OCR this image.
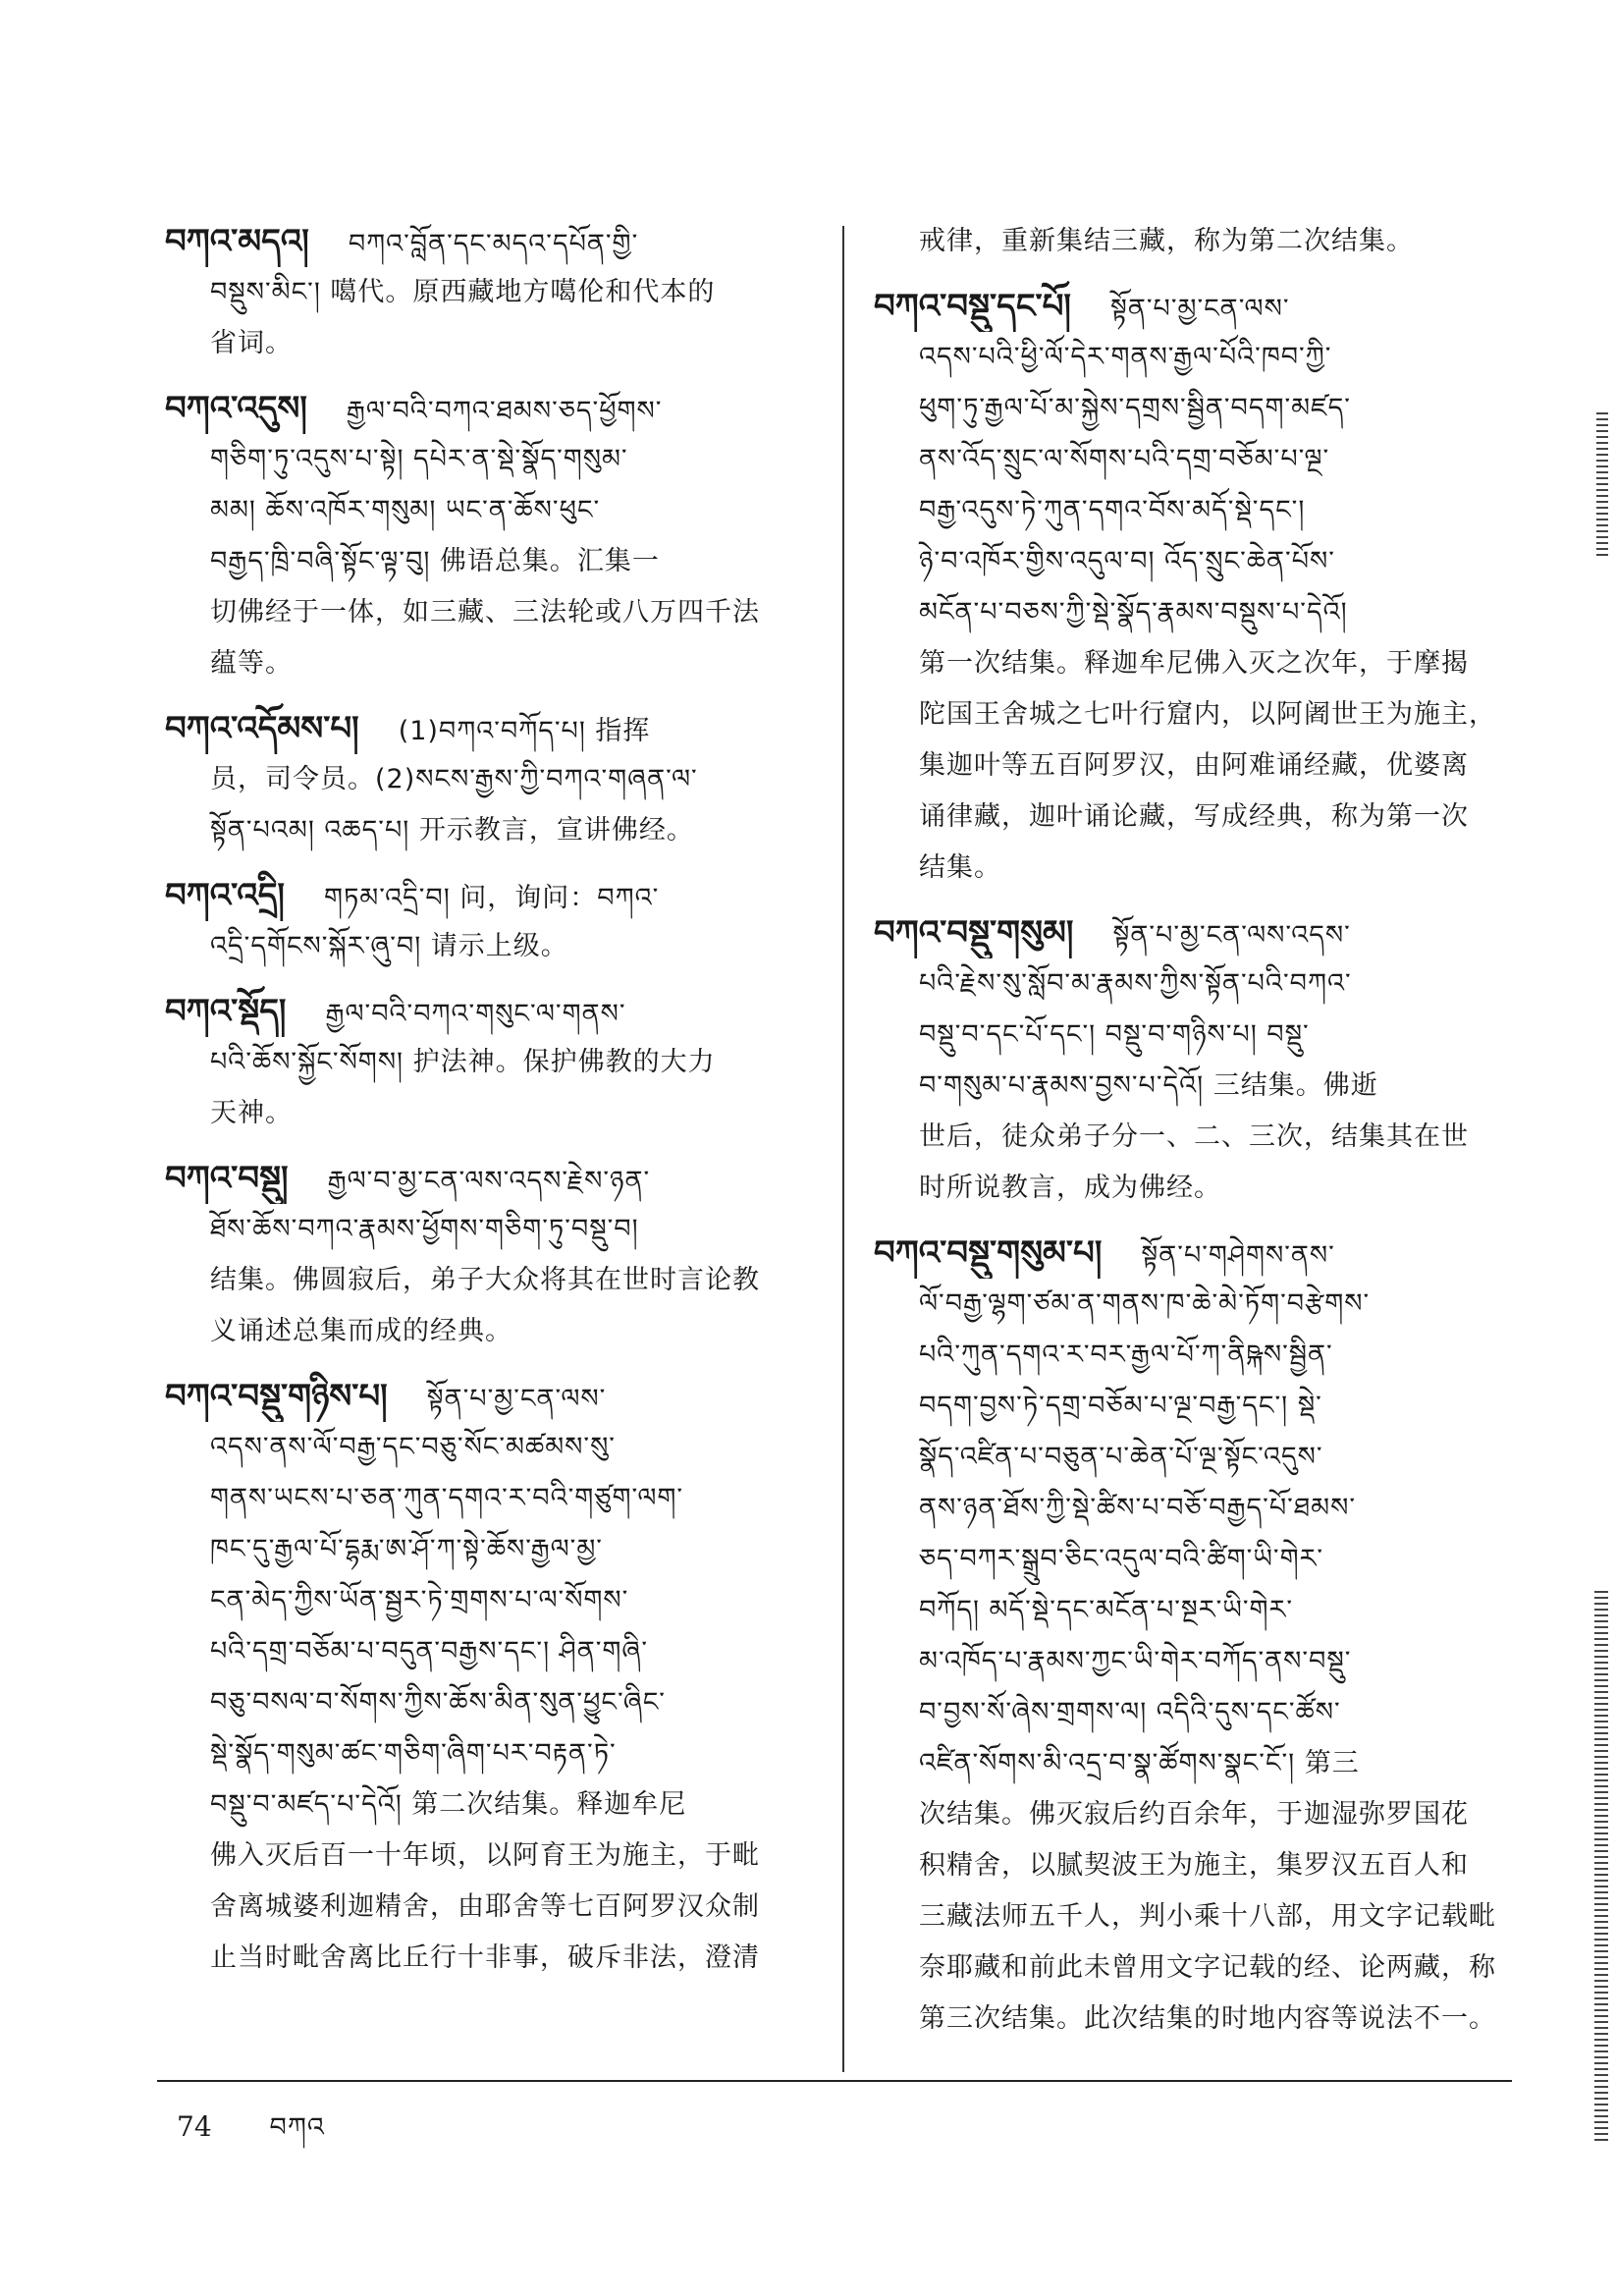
བཀའ་མདའ། བཀའ་བློན་དང་མདའ་དཔོན་གྱི་
བསྡུས་མིང་། 噶代。原西藏地方噶伦和代本的
省词。
བཀའ་འདུས། རྒྱལ་བའི་བཀའ་ཐམས་ཅད་ཕྱོགས་
གཅིག་ཏུ་འདུས་པ་སྟེ། དཔེར་ན་སྡེ་སྣོད་གསུམ་
མམ། ཆོས་འཁོར་གསུམ། ཡང་ན་ཆོས་ཕུང་
བརྒྱད་ཁྲི་བཞི་སྟོང་ལྟ་བུ། 佛语总集。汇集一
切佛经于一体，如三藏、三法轮或八万四千法
蕴等。
བཀའ་འདོམས་པ། (1)བཀའ་བཀོད་པ། 指挥
员，司令员。(2)སངས་རྒྱས་ཀྱི་བཀའ་གཞན་ལ་
སྟོན་པའམ། འཆད་པ། 开示教言，宣讲佛经。
བཀའ་འདྲི། གཏམ་འདྲི་བ། 问，询问：བཀའ་
འདྲི་དགོངས་སྐོར་ཞུ་བ། 请示上级。
བཀའ་སྡོད། རྒྱལ་བའི་བཀའ་གསུང་ལ་གནས་
པའི་ཆོས་སྐྱོང་སོགས། 护法神。保护佛教的大力
天神。
བཀའ་བསྡུ། རྒྱལ་བ་མྱ་ངན་ལས་འདས་རྗེས་ཉན་
ཐོས་ཆོས་བཀའ་རྣམས་ཕྱོགས་གཅིག་ཏུ་བསྡུ་བ།
结集。佛圆寂后，弟子大众将其在世时言论教
义诵述总集而成的经典。
བཀའ་བསྡུ་གཉིས་པ། སྟོན་པ་མྱ་ངན་ལས་
འདས་ནས་ལོ་བརྒྱ་དང་བཅུ་སོང་མཚམས་སུ་
གནས་ཡངས་པ་ཅན་ཀུན་དགའ་ར་བའི་གཙུག་ལག་
ཁང་དུ་རྒྱལ་པོ་དྷརྨ་ཨ་ཤོ་ཀ་སྟེ་ཆོས་རྒྱལ་མྱ་
ངན་མེད་ཀྱིས་ཡོན་སྦྱར་ཏེ་གྲགས་པ་ལ་སོགས་
པའི་དགྲ་བཅོམ་པ་བདུན་བརྒྱས་དང་། ཤིན་གཞི་
བཅུ་བསལ་བ་སོགས་ཀྱིས་ཆོས་མིན་སུན་ཕྱུང་ཞིང་
སྡེ་སྣོད་གསུམ་ཚང་གཅིག་ཞིག་པར་བརྟན་ཏེ་
བསྡུ་བ་མཛད་པ་དེའོ། 第二次结集。释迦牟尼
佛入灭后百一十年顷，以阿育王为施主，于毗
舍离城婆利迦精舍，由耶舍等七百阿罗汉众制
止当时毗舍离比丘行十非事，破斥非法，澄清
戒律，重新集结三藏，称为第二次结集。
བཀའ་བསྡུ་དང་པོ། སྟོན་པ་མྱ་ངན་ལས་
འདས་པའི་ཕྱི་ལོ་དེར་གནས་རྒྱལ་པོའི་ཁབ་ཀྱི་
ཕུག་ཏུ་རྒྱལ་པོ་མ་སྐྱེས་དགྲས་སྦྱིན་བདག་མཛད་
ནས་འོད་སྲུང་ལ་སོགས་པའི་དགྲ་བཅོམ་པ་ལྔ་
བརྒྱ་འདུས་ཏེ་ཀུན་དགའ་བོས་མདོ་སྡེ་དང་།
ཉེ་བ་འཁོར་གྱིས་འདུལ་བ། འོད་སྲུང་ཆེན་པོས་
མངོན་པ་བཅས་ཀྱི་སྡེ་སྣོད་རྣམས་བསྡུས་པ་དེའོ།
第一次结集。释迦牟尼佛入灭之次年，于摩揭
陀国王舍城之七叶行窟内，以阿阇世王为施主，
集迦叶等五百阿罗汉，由阿难诵经藏，优婆离
诵律藏，迦叶诵论藏，写成经典，称为第一次
结集。
བཀའ་བསྡུ་གསུམ། སྟོན་པ་མྱ་ངན་ལས་འདས་
པའི་རྗེས་སུ་སློབ་མ་རྣམས་ཀྱིས་སྟོན་པའི་བཀའ་
བསྡུ་བ་དང་པོ་དང་། བསྡུ་བ་གཉིས་པ། བསྡུ་
བ་གསུམ་པ་རྣམས་བྱས་པ་དེའོ། 三结集。佛逝
世后，徒众弟子分一、二、三次，结集其在世
时所说教言，成为佛经。
བཀའ་བསྡུ་གསུམ་པ། སྟོན་པ་གཤེགས་ནས་
ལོ་བརྒྱ་ལྷག་ཙམ་ན་གནས་ཁ་ཆེ་མེ་ཏོག་བརྩེགས་
པའི་ཀུན་དགའ་ར་བར་རྒྱལ་པོ་ཀ་ནིཥྐས་སྦྱིན་
བདག་བྱས་ཏེ་དགྲ་བཅོམ་པ་ལྔ་བརྒྱ་དང་། སྡེ་
སྣོད་འཛིན་པ་བཅུན་པ་ཆེན་པོ་ལྔ་སྟོང་འདུས་
ནས་ཉན་ཐོས་ཀྱི་སྡེ་ཚིས་པ་བཅོ་བརྒྱད་པོ་ཐམས་
ཅད་བཀར་སྒྲུབ་ཅིང་འདུལ་བའི་ཚིག་ཡི་གེར་
བཀོད། མདོ་སྡེ་དང་མངོན་པ་སྔར་ཡི་གེར་
མ་འཁོད་པ་རྣམས་ཀྱང་ཡི་གེར་བཀོད་ནས་བསྡུ་
བ་བྱས་སོ་ཞེས་གྲགས་ལ། འདིའི་དུས་དང་ཚོས་
འཛིན་སོགས་མི་འདྲ་བ་སྣ་ཚོགས་སྣང་ངོ་། 第三
次结集。佛灭寂后约百余年，于迦湿弥罗国花
积精舍，以腻契波王为施主，集罗汉五百人和
三藏法师五千人，判小乘十八部，用文字记载毗
奈耶藏和前此未曾用文字记载的经、论两藏，称
第三次结集。此次结集的时地内容等说法不一。
74 བཀའ
